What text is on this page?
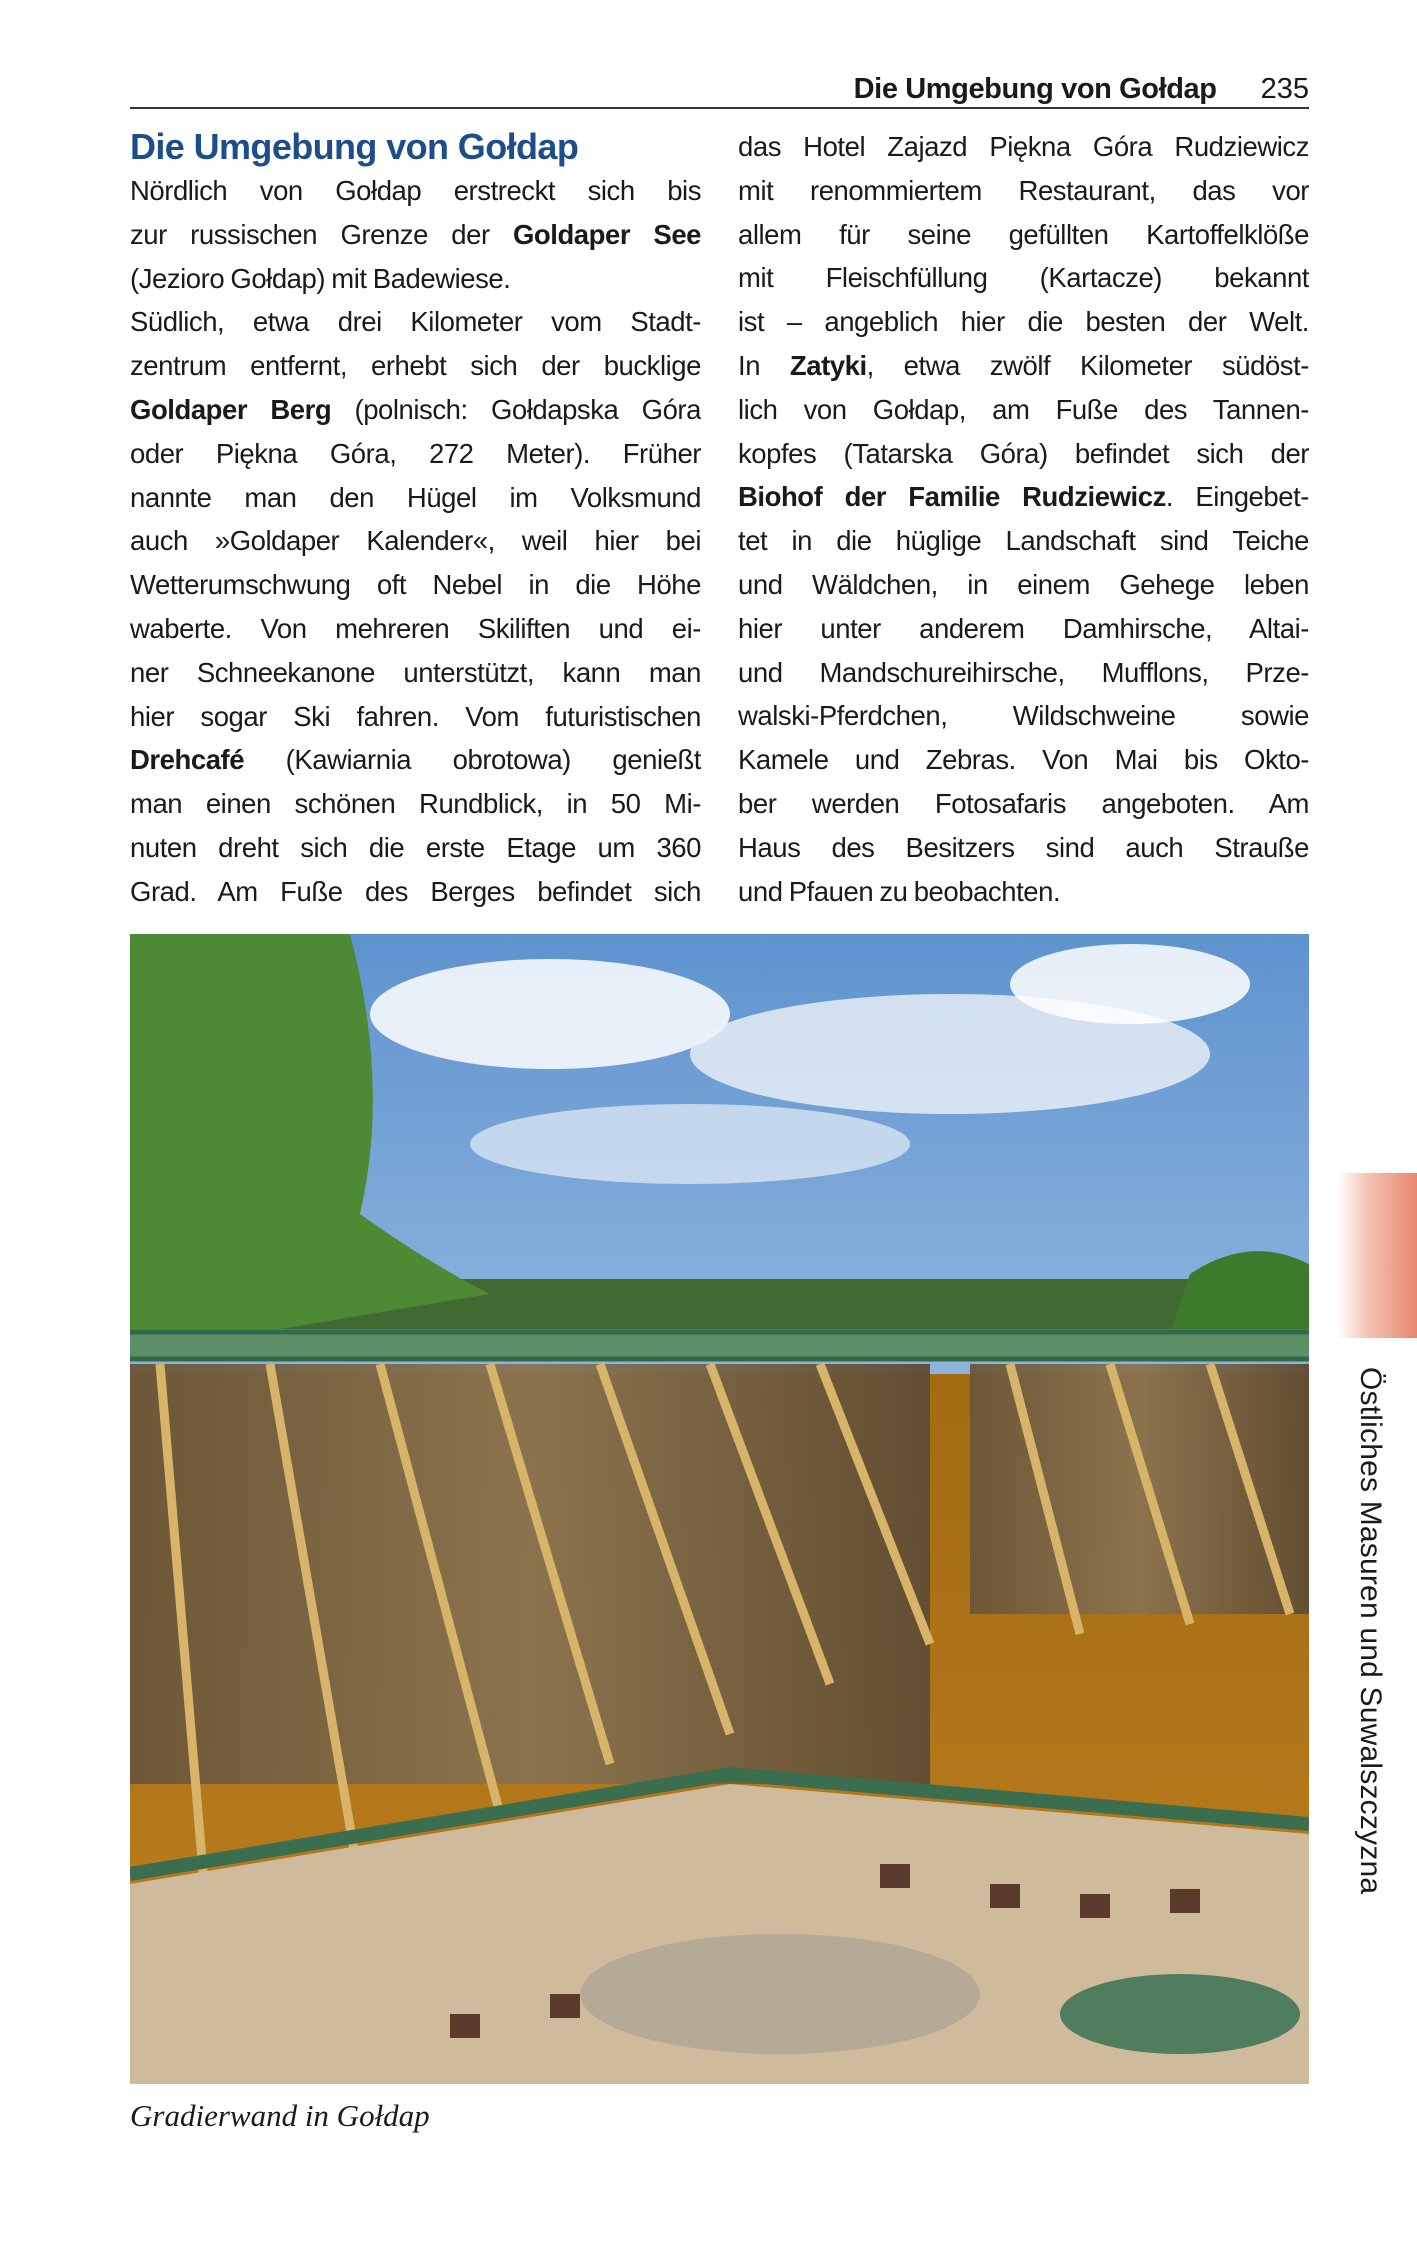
Die Umgebung von Gołdap 235
Die Umgebung von Gołdap
Nördlich von Gołdap erstreckt sich bis
zur russischen Grenze der Goldaper See
(Jezioro Gołdap) mit Badewiese.
Südlich, etwa drei Kilometer vom Stadt-
zentrum entfernt, erhebt sich der bucklige
Goldaper Berg (polnisch: Gołdapska Góra
oder Piękna Góra, 272 Meter). Früher
nannte man den Hügel im Volksmund
auch »Goldaper Kalender«, weil hier bei
Wetterumschwung oft Nebel in die Höhe
waberte. Von mehreren Skiliften und ei-
ner Schneekanone unterstützt, kann man
hier sogar Ski fahren. Vom futuristischen
Drehcafé (Kawiarnia obrotowa) genießt
man einen schönen Rundblick, in 50 Mi-
nuten dreht sich die erste Etage um 360
Grad. Am Fuße des Berges befindet sich
das Hotel Zajazd Piękna Góra Rudziewicz
mit renommiertem Restaurant, das vor
allem für seine gefüllten Kartoffelklöße
mit Fleischfüllung (Kartacze) bekannt
ist – angeblich hier die besten der Welt.
In Zatyki, etwa zwölf Kilometer südöst-
lich von Gołdap, am Fuße des Tannen-
kopfes (Tatarska Góra) befindet sich der
Biohof der Familie Rudziewicz. Eingebet-
tet in die hüglige Landschaft sind Teiche
und Wäldchen, in einem Gehege leben
hier unter anderem Damhirsche, Altai-
und Mandschureihirsche, Mufflons, Prze-
walski-Pferdchen, Wildschweine sowie
Kamele und Zebras. Von Mai bis Okto-
ber werden Fotosafaris angeboten. Am
Haus des Besitzers sind auch Strauße
und Pfauen zu beobachten.
Gradierwand in Gołdap
Östliches Masuren und Suwalszczyzna
